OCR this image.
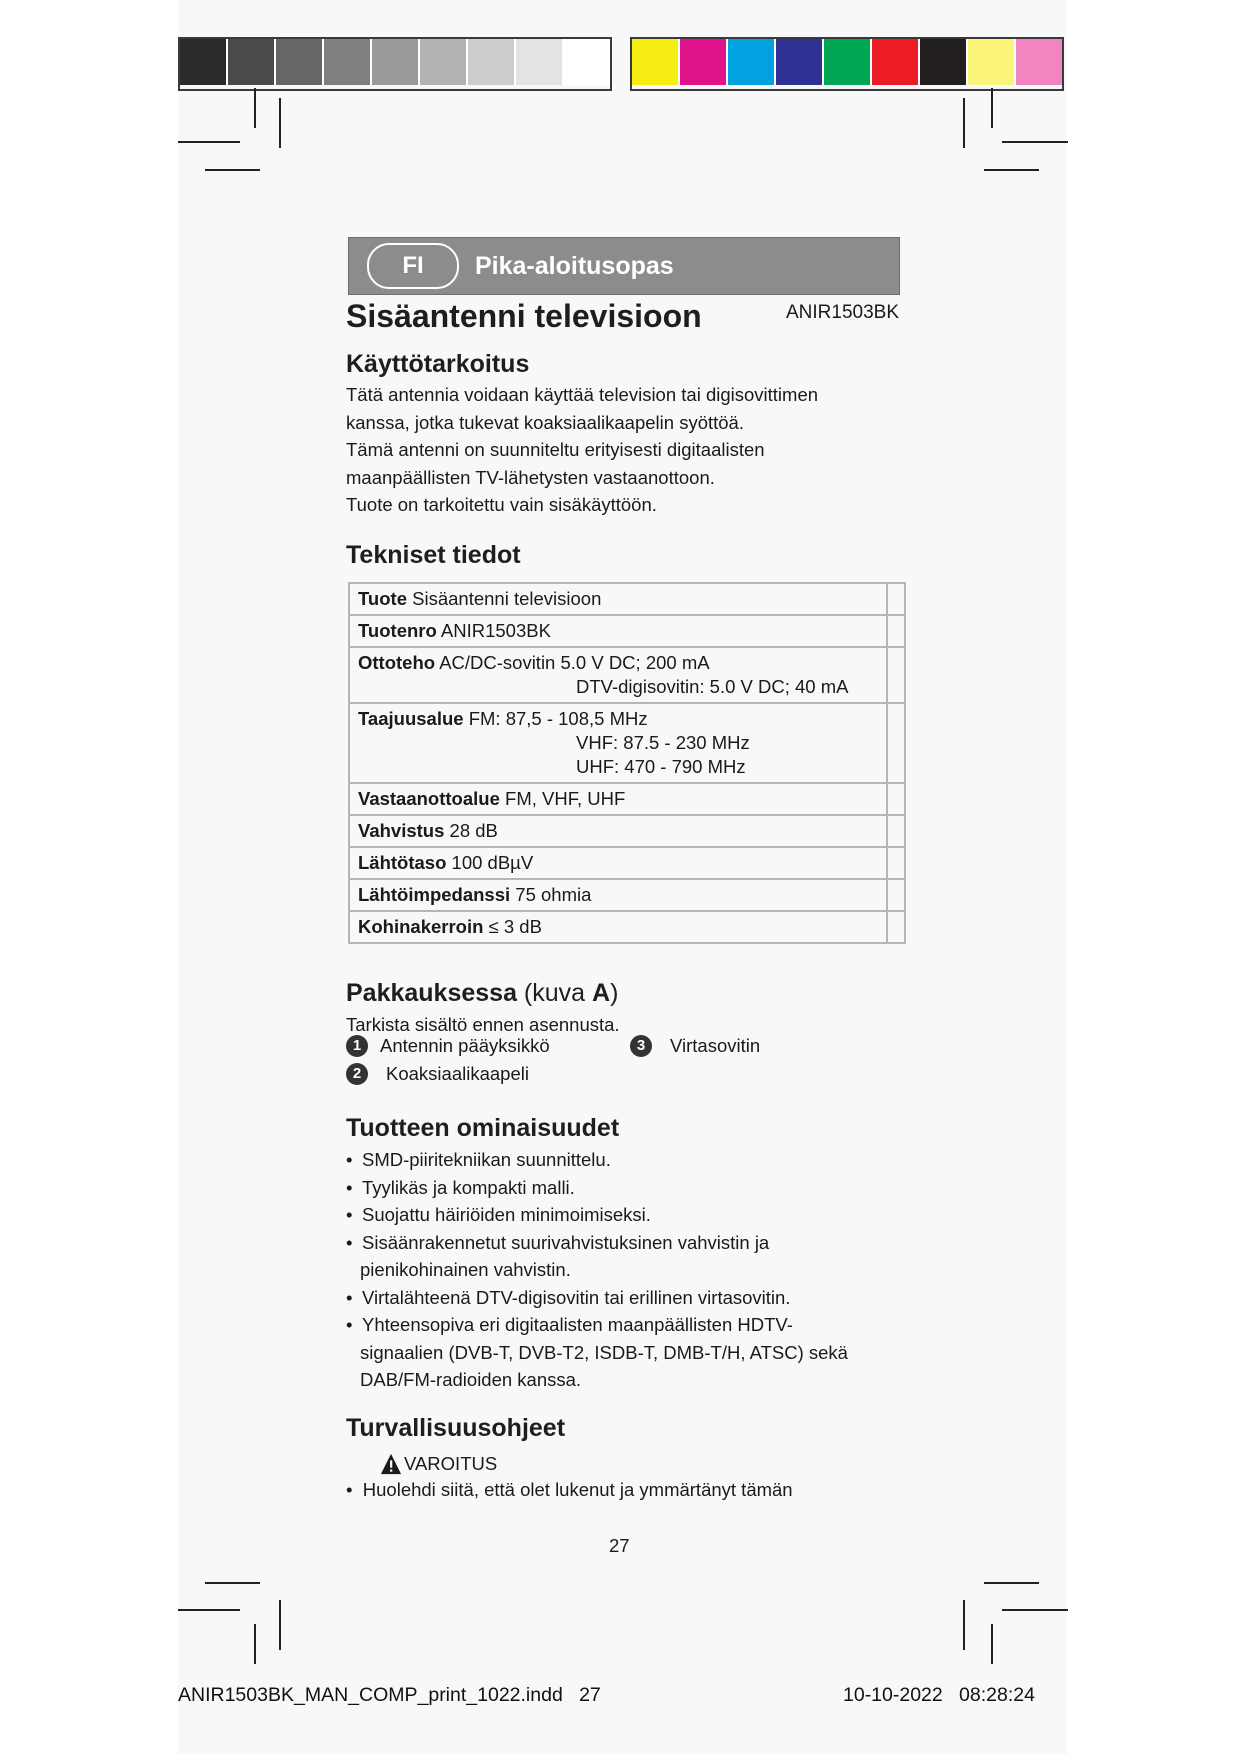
FI	Pika-aloitusopas
Sisäantenni televisioon	ANIR1503BK
Käyttötarkoitus
Tätä antennia voidaan käyttää television tai digisovittimen
kanssa, jotka tukevat koaksiaalikaapelin syöttöä.
Tämä antenni on suunniteltu erityisesti digitaalisten
maanpäällisten TV-lähetysten vastaanottoon.
Tuote on tarkoitettu vain sisäkäyttöön.
Tekniset tiedot
Tuote Sisäantenni televisioon	

Tuotenro ANIR1503BK	

Ottoteho AC/DC-sovitin 5.0 V DC; 200 mA
DTV-digisovitin: 5.0 V DC; 40 mA	

Taajuusalue FM: 87,5 - 108,5 MHz
VHF: 87.5 - 230 MHz
UHF: 470 - 790 MHz	

Vastaanottoalue FM, VHF, UHF	

Vahvistus 28 dB	

Lähtötaso 100 dBµV	

Lähtöimpedanssi 75 ohmia	

Kohinakerroin ≤ 3 dB	

Pakkauksessa (kuva A)
Tarkista sisältö ennen asennusta.
1	Antennin pääyksikkö
2	Koaksiaalikaapeli
3	Virtasovitin
Tuotteen ominaisuudet
• SMD-piiritekniikan suunnittelu.
• Tyylikäs ja kompakti malli.
• Suojattu häiriöiden minimoimiseksi.
• Sisäänrakennetut suurivahvistuksinen vahvistin ja
pienikohinainen vahvistin.
• Virtalähteenä DTV-digisovitin tai erillinen virtasovitin.
• Yhteensopiva eri digitaalisten maanpäällisten HDTV-
signaalien (DVB-T, DVB-T2, ISDB-T, DMB-T/H, ATSC) sekä
DAB/FM-radioiden kanssa.
Turvallisuusohjeet
VAROITUS
•  Huolehdi siitä, että olet lukenut ja ymmärtänyt tämän
27
ANIR1503BK_MAN_COMP_print_1022.indd 27	10-10-2022 08:28:24
